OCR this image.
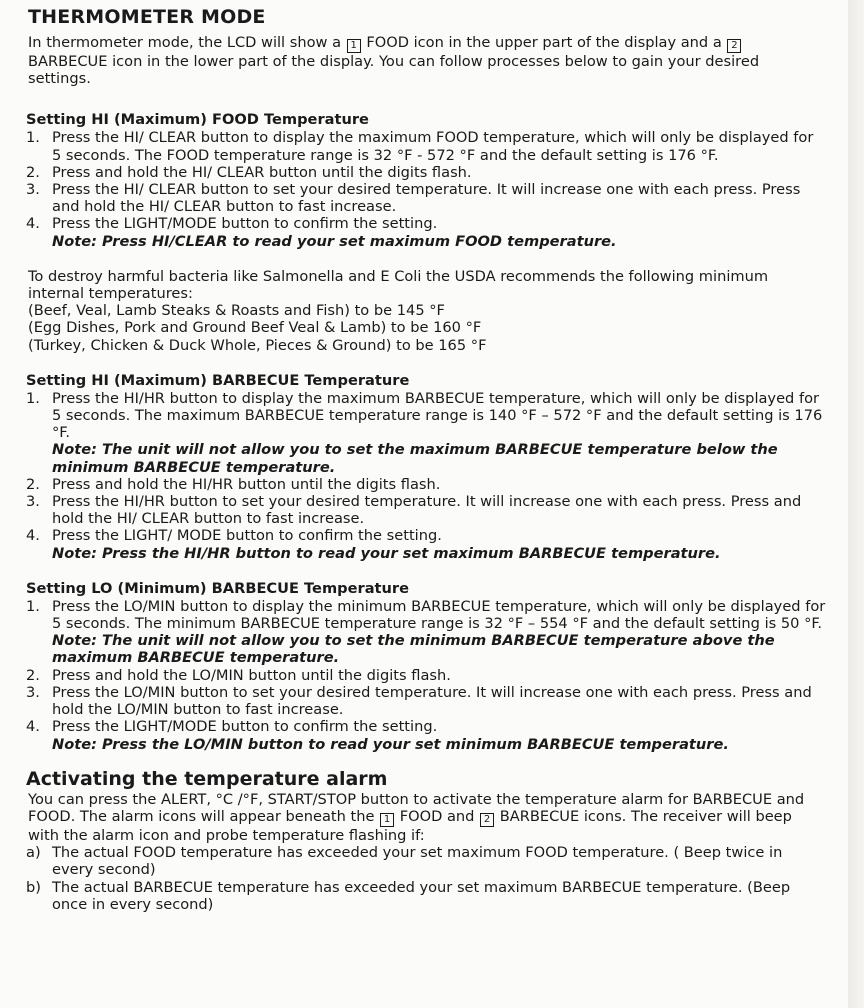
THERMOMETER MODE

In thermometer mode, the LCD will show a 1 FOOD icon in the upper part of the display and a 2 BARBECUE icon in the lower part of the display. You can follow processes below to gain your desired settings.

Setting HI (Maximum) FOOD Temperature
1. Press the HI/ CLEAR button to display the maximum FOOD temperature, which will only be displayed for 5 seconds. The FOOD temperature range is 32 °F - 572 °F and the default setting is 176 °F.
2. Press and hold the HI/ CLEAR button until the digits flash.
3. Press the HI/ CLEAR button to set your desired temperature. It will increase one with each press. Press and hold the HI/ CLEAR button to fast increase.
4. Press the LIGHT/MODE button to confirm the setting.
Note: Press HI/CLEAR to read your set maximum FOOD temperature.

To destroy harmful bacteria like Salmonella and E Coli the USDA recommends the following minimum internal temperatures:

(Beef, Veal, Lamb Steaks & Roasts and Fish) to be 145 °F

(Egg Dishes, Pork and Ground Beef Veal & Lamb) to be 160 °F

(Turkey, Chicken & Duck Whole, Pieces & Ground) to be 165 °F

Setting HI (Maximum) BARBECUE Temperature
1. Press the HI/HR button to display the maximum BARBECUE temperature, which will only be displayed for 5 seconds. The maximum BARBECUE temperature range is 140 °F – 572 °F and the default setting is 176 °F.
Note: The unit will not allow you to set the maximum BARBECUE temperature below the minimum BARBECUE temperature.
2. Press and hold the HI/HR button until the digits flash.
3. Press the HI/HR button to set your desired temperature. It will increase one with each press. Press and hold the HI/ CLEAR button to fast increase.
4. Press the LIGHT/ MODE button to confirm the setting.
Note: Press the HI/HR button to read your set maximum BARBECUE temperature.
Setting LO (Minimum) BARBECUE Temperature
1. Press the LO/MIN button to display the minimum BARBECUE temperature, which will only be displayed for 5 seconds. The minimum BARBECUE temperature range is 32 °F – 554 °F and the default setting is 50 °F.
Note: The unit will not allow you to set the minimum BARBECUE temperature above the maximum BARBECUE temperature.
2. Press and hold the LO/MIN button until the digits flash.
3. Press the LO/MIN button to set your desired temperature. It will increase one with each press. Press and hold the LO/MIN button to fast increase.
4. Press the LIGHT/MODE button to confirm the setting.
Note: Press the LO/MIN button to read your set minimum BARBECUE temperature.
Activating the temperature alarm

You can press the ALERT, °C /°F, START/STOP button to activate the temperature alarm for BARBECUE and FOOD. The alarm icons will appear beneath the 1 FOOD and 2 BARBECUE icons. The receiver will beep with the alarm icon and probe temperature flashing if:

a) The actual FOOD temperature has exceeded your set maximum FOOD temperature. ( Beep twice in every second)
b) The actual BARBECUE temperature has exceeded your set maximum BARBECUE temperature. (Beep once in every second)
